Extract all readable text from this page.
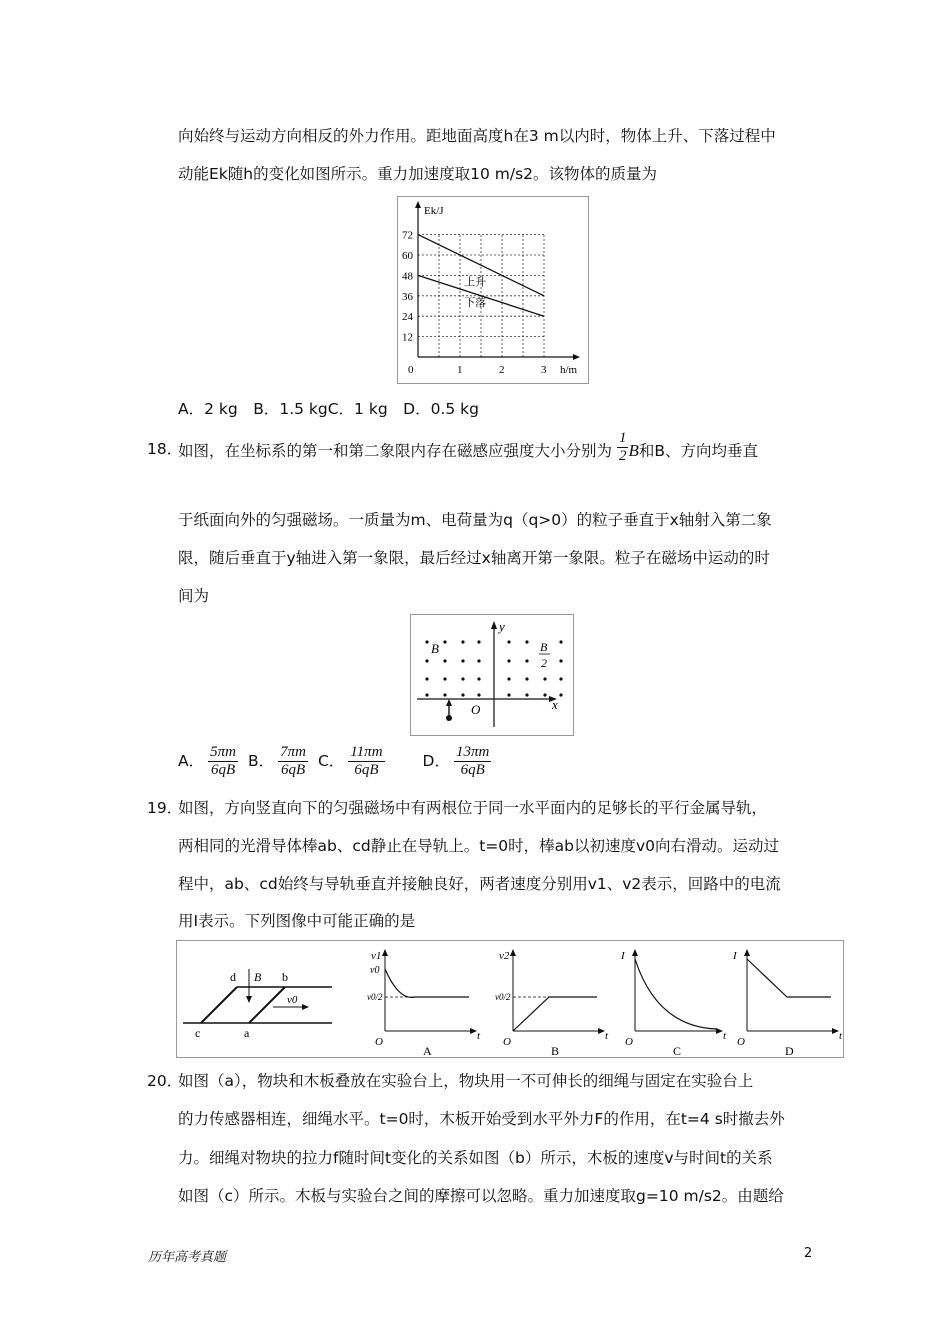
向始终与运动方向相反的外力作用。距地面高度h在3 m以内时，物体上升、下落过程中
动能Ek随h的变化如图所示。重力加速度取10 m/s2。该物体的质量为
12
24
36
48
60
72
Ek/J
h/m
0	1	2	3
上升
下落
A．2 kg　B．1.5 kgC．1 kg　D．0.5 kg
18．
如图，在坐标系的第一和第二象限内存在磁感应强度大小分别为 $\frac{1}{2}$ B和B、方向均垂直
于纸面向外的匀强磁场。一质量为m、电荷量为q（q>0）的粒子垂直于x轴射入第二象
限，随后垂直于y轴进入第一象限，最后经过x轴离开第一象限。粒子在磁场中运动的时
间为
y
x
O
B	B
2
A． $\frac{5\pi m}{6qB}$ B． $\frac{7\pi m}{6qB}$ C． $\frac{11\pi m}{6qB}$ D． $\frac{13\pi m}{6qB}$
19．
如图，方向竖直向下的匀强磁场中有两根位于同一水平面内的足够长的平行金属导轨，
两相同的光滑导体棒ab、cd静止在导轨上。t=0时，棒ab以初速度v0向右滑动。运动过
程中，ab、cd始终与导轨垂直并接触良好，两者速度分别用v1、v2表示，回路中的电流
用I表示。下列图像中可能正确的是
d	b
c	a
B
v0
v1
t
O
A
v0
v0/2
v2
t
O
B
v0/2
I
t
O
C
I
t
O
D
20．
如图（a），物块和木板叠放在实验台上，物块用一不可伸长的细绳与固定在实验台上
的力传感器相连，细绳水平。t=0时，木板开始受到水平外力F的作用，在t=4 s时撤去外
力。细绳对物块的拉力f随时间t变化的关系如图（b）所示，木板的速度v与时间t的关系
如图（c）所示。木板与实验台之间的摩擦可以忽略。重力加速度取g=10 m/s2。由题给
历年高考真题	2
